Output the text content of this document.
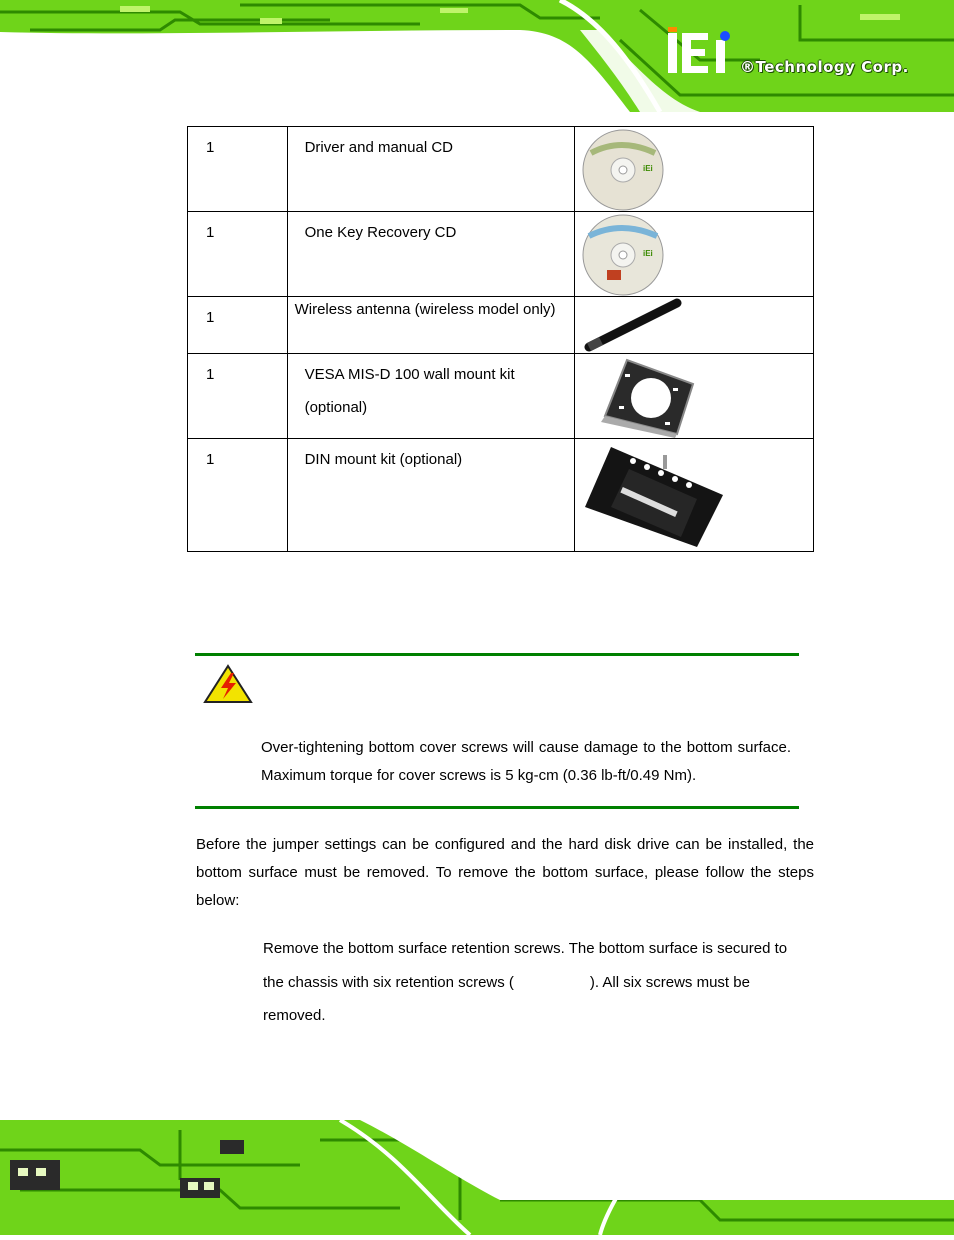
®Technology Corp.
1	Driver and manual CD	iEi

1	One Key Recovery CD	iEi

1	Wireless antenna (wireless model only)

1	VESA MIS-D 100 wall mount kit
(optional)

1	DIN mount kit (optional)

Over-tightening bottom cover screws will cause damage to the bottom surface. Maximum torque for cover screws is 5 kg-cm (0.36 lb-ft/0.49 Nm).
Before the jumper settings can be configured and the hard disk drive can be installed, the bottom surface must be removed. To remove the bottom surface, please follow the steps below:
Remove the bottom surface retention screws. The bottom surface is secured to
the chassis with six retention screws (	). All six screws must be
removed.
